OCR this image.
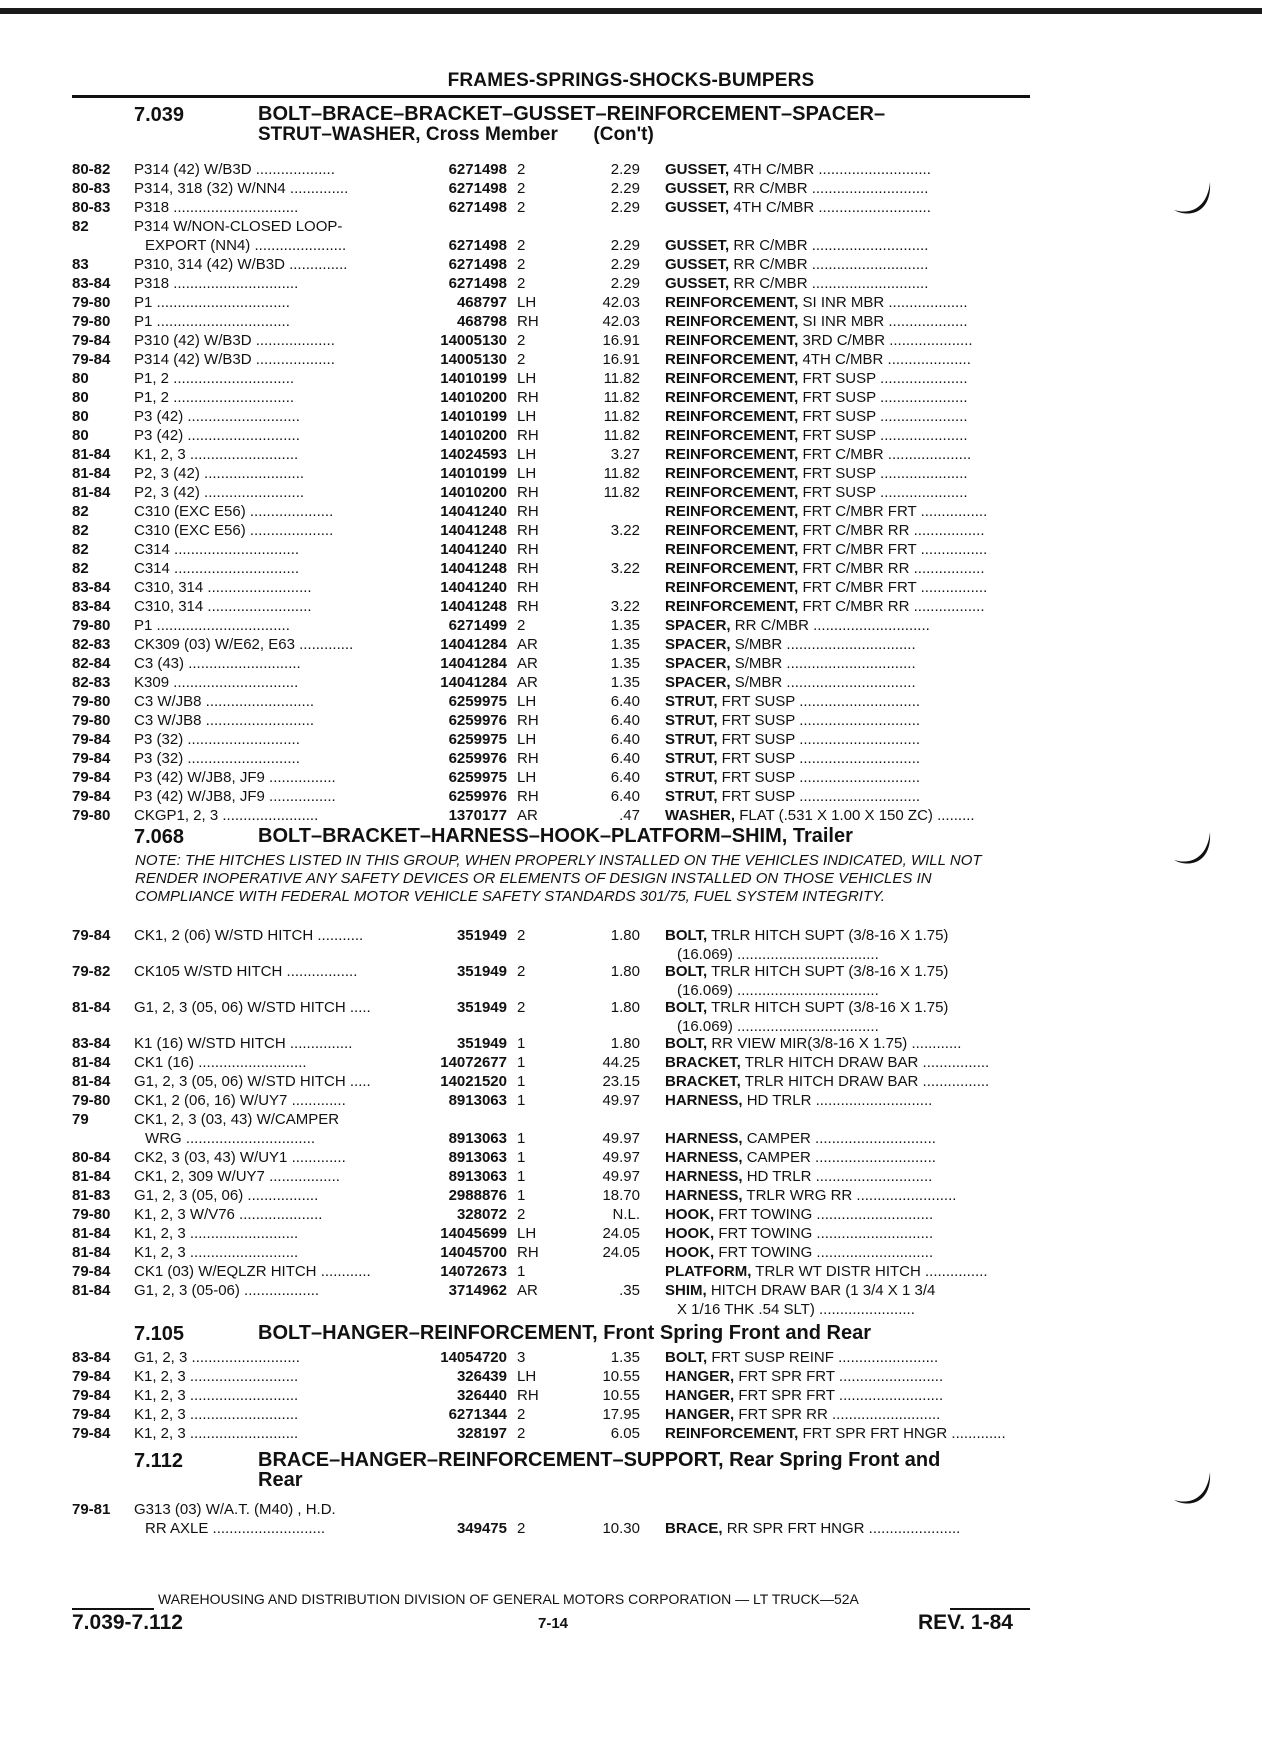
FRAMES-SPRINGS-SHOCKS-BUMPERS
7.039	BOLT–BRACE–BRACKET–GUSSET–REINFORCEMENT–SPACER–
STRUT–WASHER, Cross Member (Con't)
80-82	P314 (42) W/B3D ...................	6271498 2	2.29 GUSSET, 4TH C/MBR ...........................
80-83	P314, 318 (32) W/NN4 ..............	6271498 2	2.29 GUSSET, RR C/MBR ............................
80-83	P318 ..............................	6271498 2	2.29 GUSSET, 4TH C/MBR ...........................
82	P314 W/NON-CLOSED LOOP-
EXPORT (NN4) ......................	6271498 2	2.29 GUSSET, RR C/MBR ............................
83	P310, 314 (42) W/B3D ..............	6271498 2	2.29 GUSSET, RR C/MBR ............................
83-84	P318 ..............................	6271498 2	2.29 GUSSET, RR C/MBR ............................
79-80	P1 ................................	468797 LH	42.03 REINFORCEMENT, SI INR MBR ...................
79-80	P1 ................................	468798 RH	42.03 REINFORCEMENT, SI INR MBR ...................
79-84	P310 (42) W/B3D ...................	14005130 2	16.91 REINFORCEMENT, 3RD C/MBR ....................
79-84	P314 (42) W/B3D ...................	14005130 2	16.91 REINFORCEMENT, 4TH C/MBR ....................
80	P1, 2 .............................	14010199 LH	11.82 REINFORCEMENT, FRT SUSP .....................
80	P1, 2 .............................	14010200 RH	11.82 REINFORCEMENT, FRT SUSP .....................
80	P3 (42) ...........................	14010199 LH	11.82 REINFORCEMENT, FRT SUSP .....................
80	P3 (42) ...........................	14010200 RH	11.82 REINFORCEMENT, FRT SUSP .....................
81-84	K1, 2, 3 ..........................	14024593 LH	3.27 REINFORCEMENT, FRT C/MBR ....................
81-84	P2, 3 (42) ........................	14010199 LH	11.82 REINFORCEMENT, FRT SUSP .....................
81-84	P2, 3 (42) ........................	14010200 RH	11.82 REINFORCEMENT, FRT SUSP .....................
82	C310 (EXC E56) ....................	14041240 RH	REINFORCEMENT, FRT C/MBR FRT ................
82	C310 (EXC E56) ....................	14041248 RH	3.22 REINFORCEMENT, FRT C/MBR RR .................
82	C314 ..............................	14041240 RH	REINFORCEMENT, FRT C/MBR FRT ................
82	C314 ..............................	14041248 RH	3.22 REINFORCEMENT, FRT C/MBR RR .................
83-84	C310, 314 .........................	14041240 RH	REINFORCEMENT, FRT C/MBR FRT ................
83-84	C310, 314 .........................	14041248 RH	3.22 REINFORCEMENT, FRT C/MBR RR .................
79-80	P1 ................................	6271499 2	1.35 SPACER, RR C/MBR ............................
82-83	CK309 (03) W/E62, E63 .............	14041284 AR	1.35 SPACER, S/MBR ...............................
82-84	C3 (43) ...........................	14041284 AR	1.35 SPACER, S/MBR ...............................
82-83	K309 ..............................	14041284 AR	1.35 SPACER, S/MBR ...............................
79-80	C3 W/JB8 ..........................	6259975 LH	6.40 STRUT, FRT SUSP .............................
79-80	C3 W/JB8 ..........................	6259976 RH	6.40 STRUT, FRT SUSP .............................
79-84	P3 (32) ...........................	6259975 LH	6.40 STRUT, FRT SUSP .............................
79-84	P3 (32) ...........................	6259976 RH	6.40 STRUT, FRT SUSP .............................
79-84	P3 (42) W/JB8, JF9 ................	6259975 LH	6.40 STRUT, FRT SUSP .............................
79-84	P3 (42) W/JB8, JF9 ................	6259976 RH	6.40 STRUT, FRT SUSP .............................
79-80	CKGP1, 2, 3 .......................	1370177 AR	.47 WASHER, FLAT (.531 X 1.00 X 150 ZC) .........
7.068	BOLT–BRACKET–HARNESS–HOOK–PLATFORM–SHIM, Trailer
NOTE: THE HITCHES LISTED IN THIS GROUP, WHEN PROPERLY INSTALLED ON THE VEHICLES INDICATED, WILL NOT RENDER INOPERATIVE ANY SAFETY DEVICES OR ELEMENTS OF DESIGN INSTALLED ON THOSE VEHICLES IN COMPLIANCE WITH FEDERAL MOTOR VEHICLE SAFETY STANDARDS 301/75, FUEL SYSTEM INTEGRITY.
79-84	CK1, 2 (06) W/STD HITCH ...........	351949 2	1.80 BOLT, TRLR HITCH SUPT (3/8-16 X 1.75)
(16.069) ..................................
79-82	CK105 W/STD HITCH .................	351949 2	1.80 BOLT, TRLR HITCH SUPT (3/8-16 X 1.75)
(16.069) ..................................
81-84	G1, 2, 3 (05, 06) W/STD HITCH .....	351949 2	1.80 BOLT, TRLR HITCH SUPT (3/8-16 X 1.75)
(16.069) ..................................
83-84	K1 (16) W/STD HITCH ...............	351949 1	1.80 BOLT, RR VIEW MIR(3/8-16 X 1.75) ............
81-84	CK1 (16) ..........................	14072677 1	44.25 BRACKET, TRLR HITCH DRAW BAR ................
81-84	G1, 2, 3 (05, 06) W/STD HITCH .....	14021520 1	23.15 BRACKET, TRLR HITCH DRAW BAR ................
79-80	CK1, 2 (06, 16) W/UY7 .............	8913063 1	49.97 HARNESS, HD TRLR ............................
79	CK1, 2, 3 (03, 43) W/CAMPER
WRG ...............................	8913063 1	49.97 HARNESS, CAMPER .............................
80-84	CK2, 3 (03, 43) W/UY1 .............	8913063 1	49.97 HARNESS, CAMPER .............................
81-84	CK1, 2, 309 W/UY7 .................	8913063 1	49.97 HARNESS, HD TRLR ............................
81-83	G1, 2, 3 (05, 06) .................	2988876 1	18.70 HARNESS, TRLR WRG RR ........................
79-80	K1, 2, 3 W/V76 ....................	328072 2	N.L. HOOK, FRT TOWING ............................
81-84	K1, 2, 3 ..........................	14045699 LH	24.05 HOOK, FRT TOWING ............................
81-84	K1, 2, 3 ..........................	14045700 RH	24.05 HOOK, FRT TOWING ............................
79-84	CK1 (03) W/EQLZR HITCH ............	14072673 1	PLATFORM, TRLR WT DISTR HITCH ...............
81-84	G1, 2, 3 (05-06) ..................	3714962 AR	.35 SHIM, HITCH DRAW BAR (1 3/4 X 1 3/4
X 1/16 THK .54 SLT) .......................
7.105	BOLT–HANGER–REINFORCEMENT, Front Spring Front and Rear
83-84	G1, 2, 3 ..........................	14054720 3	1.35 BOLT, FRT SUSP REINF ........................
79-84	K1, 2, 3 ..........................	326439 LH	10.55 HANGER, FRT SPR FRT .........................
79-84	K1, 2, 3 ..........................	326440 RH	10.55 HANGER, FRT SPR FRT .........................
79-84	K1, 2, 3 ..........................	6271344 2	17.95 HANGER, FRT SPR RR ..........................
79-84	K1, 2, 3 ..........................	328197 2	6.05 REINFORCEMENT, FRT SPR FRT HNGR .............
7.112	BRACE–HANGER–REINFORCEMENT–SUPPORT, Rear Spring Front and
Rear
79-81	G313 (03) W/A.T. (M40) , H.D.
RR AXLE ...........................	349475 2	10.30 BRACE, RR SPR FRT HNGR ......................
WAREHOUSING AND DISTRIBUTION DIVISION OF GENERAL MOTORS CORPORATION — LT TRUCK—52A
7.039-7.112	7-14	REV. 1-84
